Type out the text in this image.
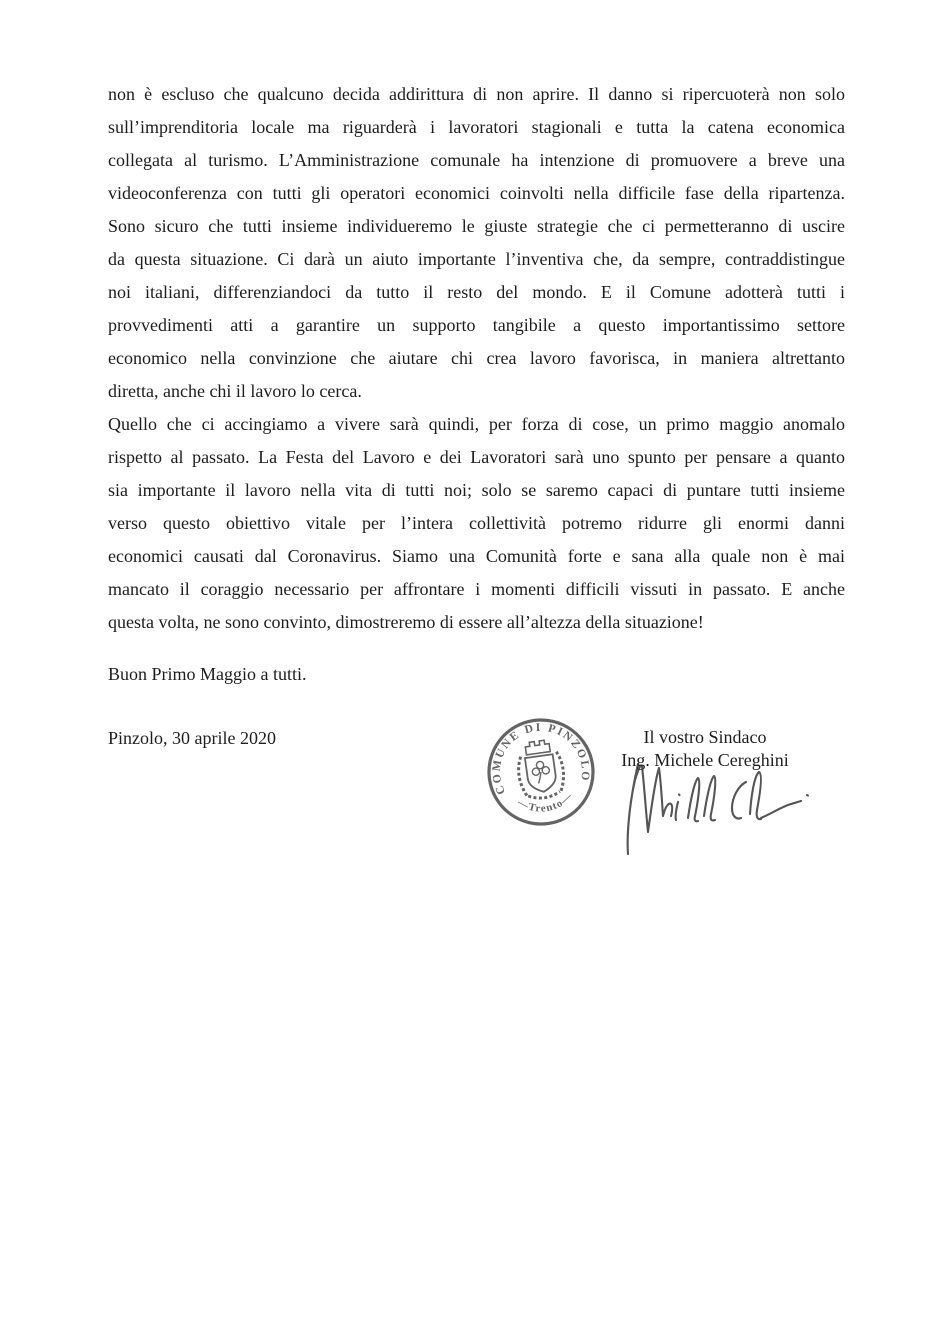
non è escluso che qualcuno decida addirittura di non aprire. Il danno si ripercuoterà non solo
sull’imprenditoria locale ma riguarderà i lavoratori stagionali e tutta la catena economica
collegata al turismo. L’Amministrazione comunale ha intenzione di promuovere a breve una
videoconferenza con tutti gli operatori economici coinvolti nella difficile fase della ripartenza.
Sono sicuro che tutti insieme individueremo le giuste strategie che ci permetteranno di uscire
da questa situazione. Ci darà un aiuto importante l’inventiva che, da sempre, contraddistingue
noi italiani, differenziandoci da tutto il resto del mondo. E il Comune adotterà tutti i
provvedimenti atti a garantire un supporto tangibile a questo importantissimo settore
economico nella convinzione che aiutare chi crea lavoro favorisca, in maniera altrettanto
diretta, anche chi il lavoro lo cerca.
Quello che ci accingiamo a vivere sarà quindi, per forza di cose, un primo maggio anomalo
rispetto al passato. La Festa del Lavoro e dei Lavoratori sarà uno spunto per pensare a quanto
sia importante il lavoro nella vita di tutti noi; solo se saremo capaci di puntare tutti insieme
verso questo obiettivo vitale per l’intera collettività potremo ridurre gli enormi danni
economici causati dal Coronavirus. Siamo una Comunità forte e sana alla quale non è mai
mancato il coraggio necessario per affrontare i momenti difficili vissuti in passato. E anche
questa volta, ne sono convinto, dimostreremo di essere all’altezza della situazione!
Buon Primo Maggio a tutti.
Pinzolo, 30 aprile 2020	Il vostro Sindaco
Ing. Michele Cereghini
COMUNE DI PINZOLO
—Trento—
